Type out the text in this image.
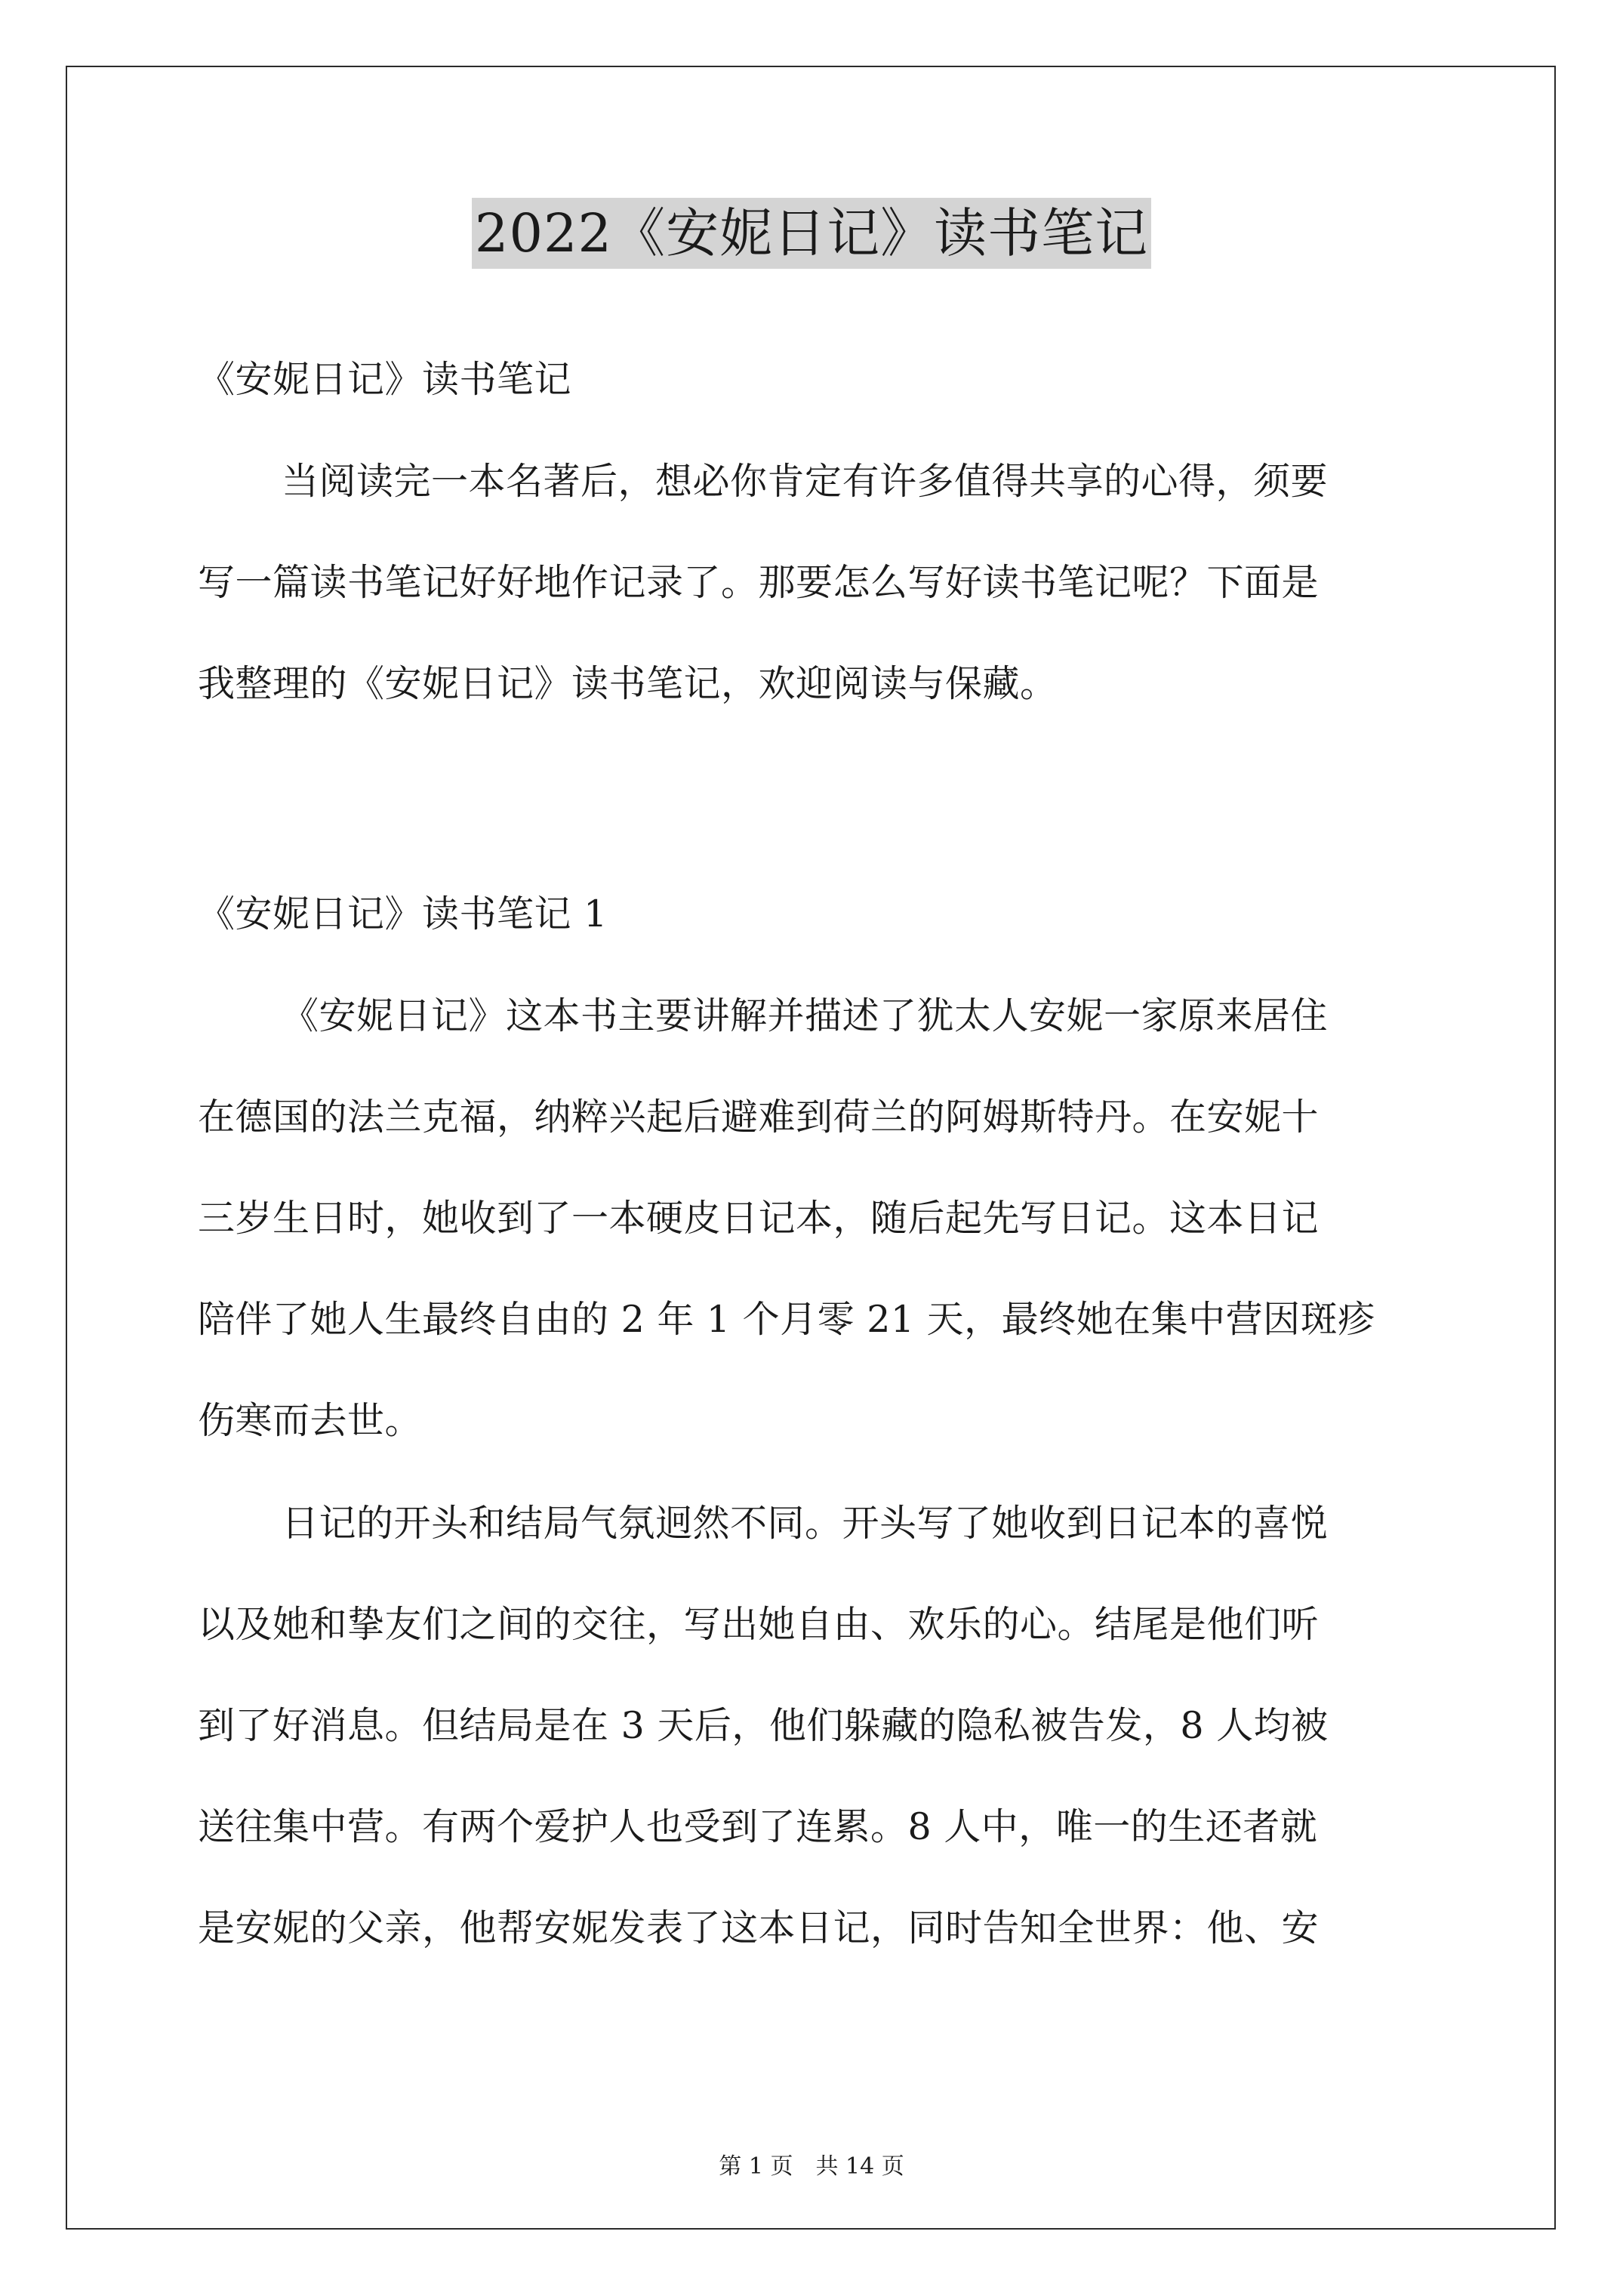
2022《安妮日记》读书笔记
《安妮日记》读书笔记
当阅读完一本名著后，想必你肯定有许多值得共享的心得，须要
写一篇读书笔记好好地作记录了。那要怎么写好读书笔记呢？下面是
我整理的《安妮日记》读书笔记，欢迎阅读与保藏。
《安妮日记》读书笔记 1
《安妮日记》这本书主要讲解并描述了犹太人安妮一家原来居住
在德国的法兰克福，纳粹兴起后避难到荷兰的阿姆斯特丹。在安妮十
三岁生日时，她收到了一本硬皮日记本，随后起先写日记。这本日记
陪伴了她人生最终自由的 2 年 1 个月零 21 天，最终她在集中营因斑疹
伤寒而去世。
日记的开头和结局气氛迥然不同。开头写了她收到日记本的喜悦
以及她和挚友们之间的交往，写出她自由、欢乐的心。结尾是他们听
到了好消息。但结局是在 3 天后，他们躲藏的隐私被告发，8 人均被
送往集中营。有两个爱护人也受到了连累。8 人中，唯一的生还者就
是安妮的父亲，他帮安妮发表了这本日记，同时告知全世界：他、安
第 1 页　共 14 页
